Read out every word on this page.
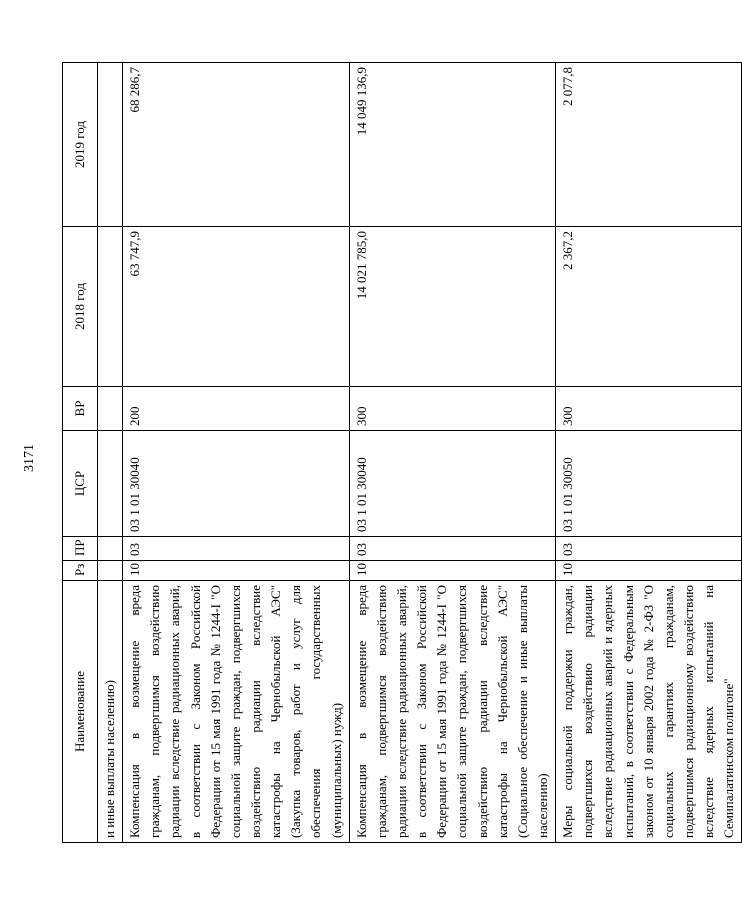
3171
Наименование	Рз	ПР	ЦСР	ВР	2018 год	2019 год
и иные выплаты населению)						
Компенсация в возмещение вреда гражданам, подвергшимся воздействию радиации вследствие радиационных аварий, в соответствии с Законом Российской Федерации от 15 мая 1991 года № 1244-I "О социальной защите граждан, подвергшихся воздействию радиации вследствие катастрофы на Чернобыльской АЭС" (Закупка товаров, работ и услуг для обеспечения государственных (муниципальных) нужд)	10	03	03 1 01 30040	200	63 747,9	68 286,7
Компенсация в возмещение вреда гражданам, подвергшимся воздействию радиации вследствие радиационных аварий, в соответствии с Законом Российской Федерации от 15 мая 1991 года № 1244-I "О социальной защите граждан, подвергшихся воздействию радиации вследствие катастрофы на Чернобыльской АЭС" (Социальное обеспечение и иные выплаты населению)	10	03	03 1 01 30040	300	14 021 785,0	14 049 136,9
Меры социальной поддержки граждан, подвергшихся воздействию радиации вследствие радиационных аварий и ядерных испытаний, в соответствии с Федеральным законом от 10 января 2002 года № 2-ФЗ "О социальных гарантиях гражданам, подвергшимся радиационному воздействию вследствие ядерных испытаний на Семипалатинском полигоне"	10	03	03 1 01 30050	300	2 367,2	2 077,8
